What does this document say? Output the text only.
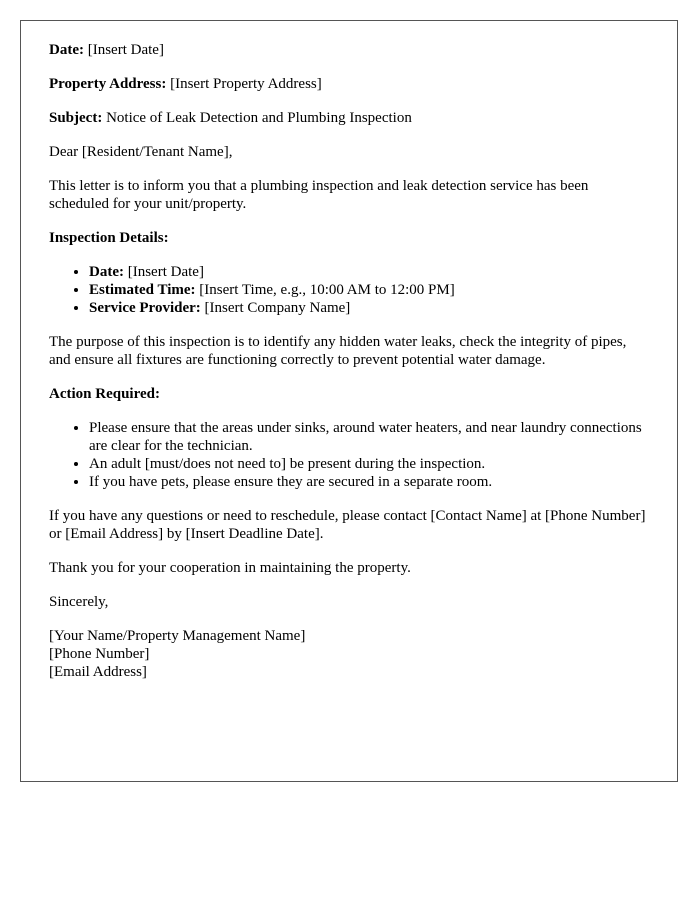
Date: [Insert Date]

Property Address: [Insert Property Address]

Subject: Notice of Leak Detection and Plumbing Inspection

Dear [Resident/Tenant Name],

This letter is to inform you that a plumbing inspection and leak detection service has been scheduled for your unit/property.

Inspection Details:

• Date: [Insert Date]
• Estimated Time: [Insert Time, e.g., 10:00 AM to 12:00 PM]
• Service Provider: [Insert Company Name]

The purpose of this inspection is to identify any hidden water leaks, check the integrity of pipes, and ensure all fixtures are functioning correctly to prevent potential water damage.

Action Required:

• Please ensure that the areas under sinks, around water heaters, and near laundry connections are clear for the technician.
• An adult [must/does not need to] be present during the inspection.
• If you have pets, please ensure they are secured in a separate room.

If you have any questions or need to reschedule, please contact [Contact Name] at [Phone Number] or [Email Address] by [Insert Deadline Date].

Thank you for your cooperation in maintaining the property.

Sincerely,

[Your Name/Property Management Name]
[Phone Number]
[Email Address]
